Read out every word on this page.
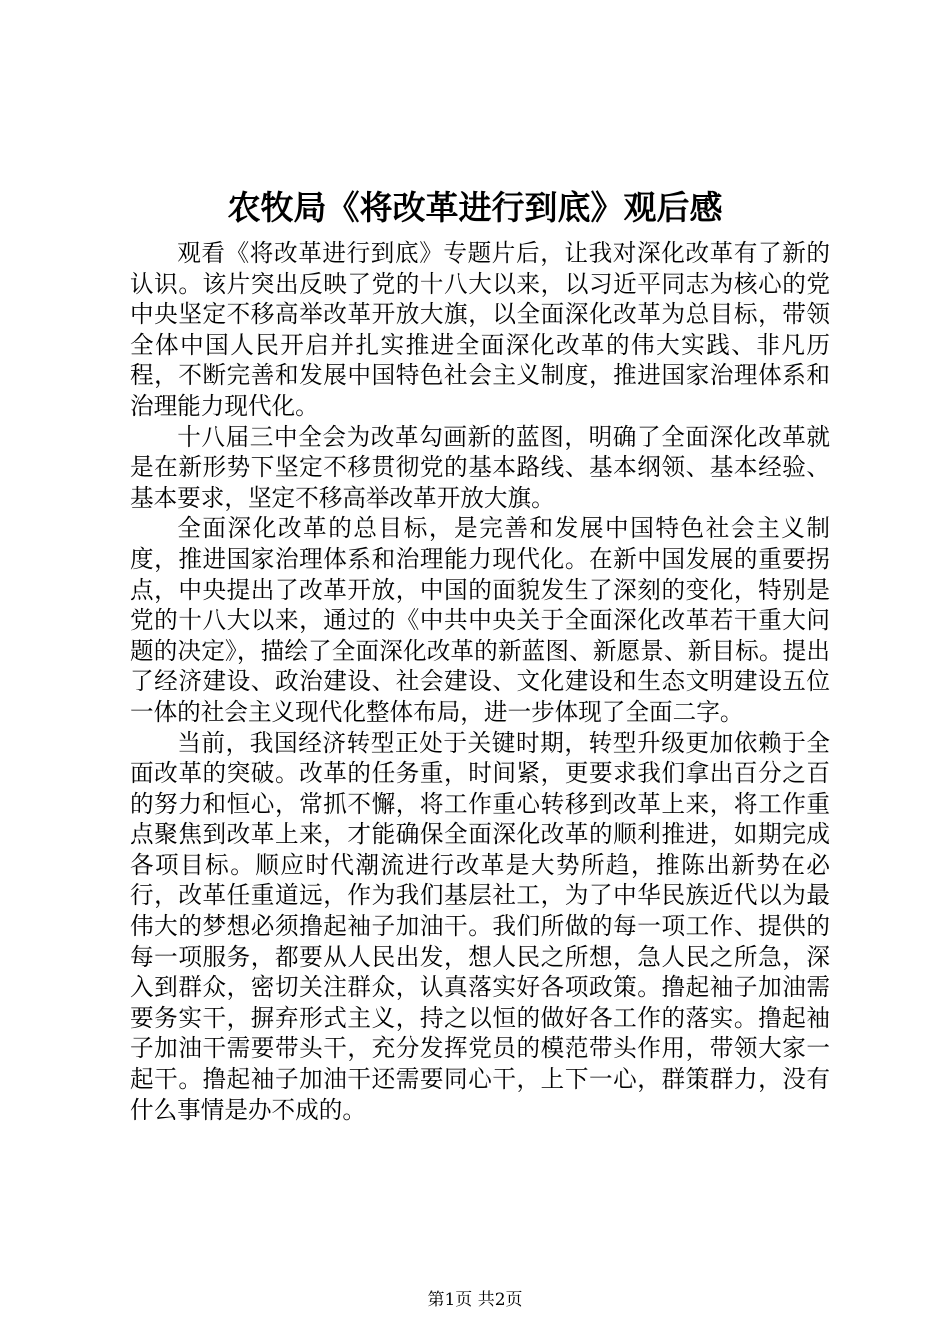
农牧局《将改革进行到底》观后感

观看《将改革进行到底》专题片后，让我对深化改革有了新的认识。该片突出反映了党的十八大以来，以习近平同志为核心的党中央坚定不移高举改革开放大旗，以全面深化改革为总目标，带领全体中国人民开启并扎实推进全面深化改革的伟大实践、非凡历程，不断完善和发展中国特色社会主义制度，推进国家治理体系和治理能力现代化。

十八届三中全会为改革勾画新的蓝图，明确了全面深化改革就是在新形势下坚定不移贯彻党的基本路线、基本纲领、基本经验、基本要求，坚定不移高举改革开放大旗。

全面深化改革的总目标，是完善和发展中国特色社会主义制度，推进国家治理体系和治理能力现代化。在新中国发展的重要拐点，中央提出了改革开放，中国的面貌发生了深刻的变化，特别是党的十八大以来，通过的《中共中央关于全面深化改革若干重大问题的决定》，描绘了全面深化改革的新蓝图、新愿景、新目标。提出了经济建设、政治建设、社会建设、文化建设和生态文明建设五位一体的社会主义现代化整体布局，进一步体现了全面二字。

当前，我国经济转型正处于关键时期，转型升级更加依赖于全面改革的突破。改革的任务重，时间紧，更要求我们拿出百分之百的努力和恒心，常抓不懈，将工作重心转移到改革上来，将工作重点聚焦到改革上来，才能确保全面深化改革的顺利推进，如期完成各项目标。顺应时代潮流进行改革是大势所趋，推陈出新势在必行，改革任重道远，作为我们基层社工，为了中华民族近代以为最伟大的梦想必须撸起袖子加油干。我们所做的每一项工作、提供的每一项服务，都要从人民出发，想人民之所想，急人民之所急，深入到群众，密切关注群众，认真落实好各项政策。撸起袖子加油需要务实干，摒弃形式主义，持之以恒的做好各工作的落实。撸起袖子加油干需要带头干，充分发挥党员的模范带头作用，带领大家一起干。撸起袖子加油干还需要同心干，上下一心，群策群力，没有什么事情是办不成的。

第1页 共2页
